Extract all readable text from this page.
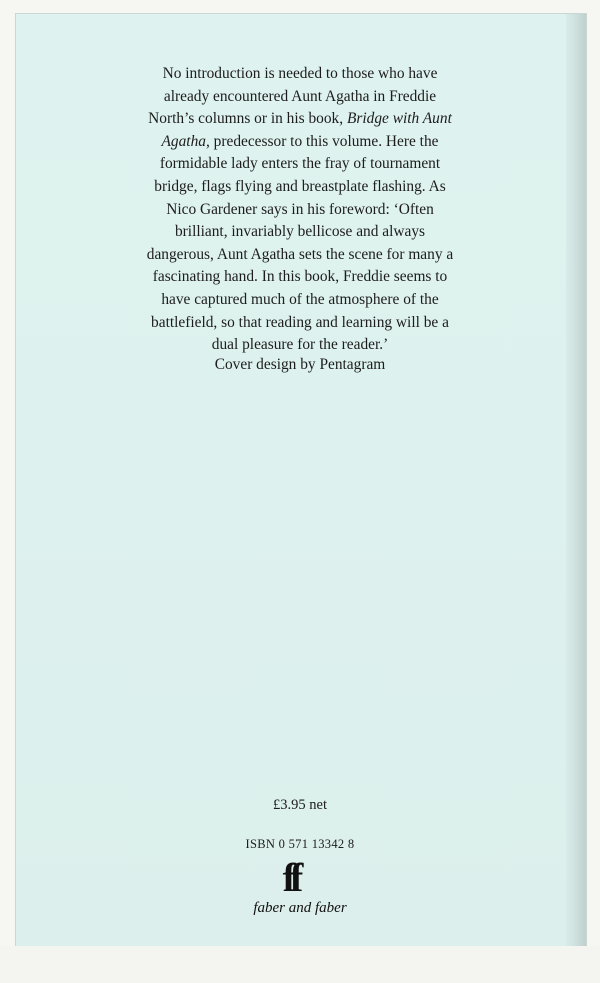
No introduction is needed to those who have already encountered Aunt Agatha in Freddie North’s columns or in his book, Bridge with Aunt Agatha, predecessor to this volume. Here the formidable lady enters the fray of tournament bridge, flags flying and breastplate flashing. As Nico Gardener says in his foreword: ‘Often brilliant, invariably bellicose and always dangerous, Aunt Agatha sets the scene for many a fascinating hand. In this book, Freddie seems to have captured much of the atmosphere of the battlefield, so that reading and learning will be a dual pleasure for the reader.’

Cover design by Pentagram
£3.95 net
ISBN 0 571 13342 8
ff
faber and faber
